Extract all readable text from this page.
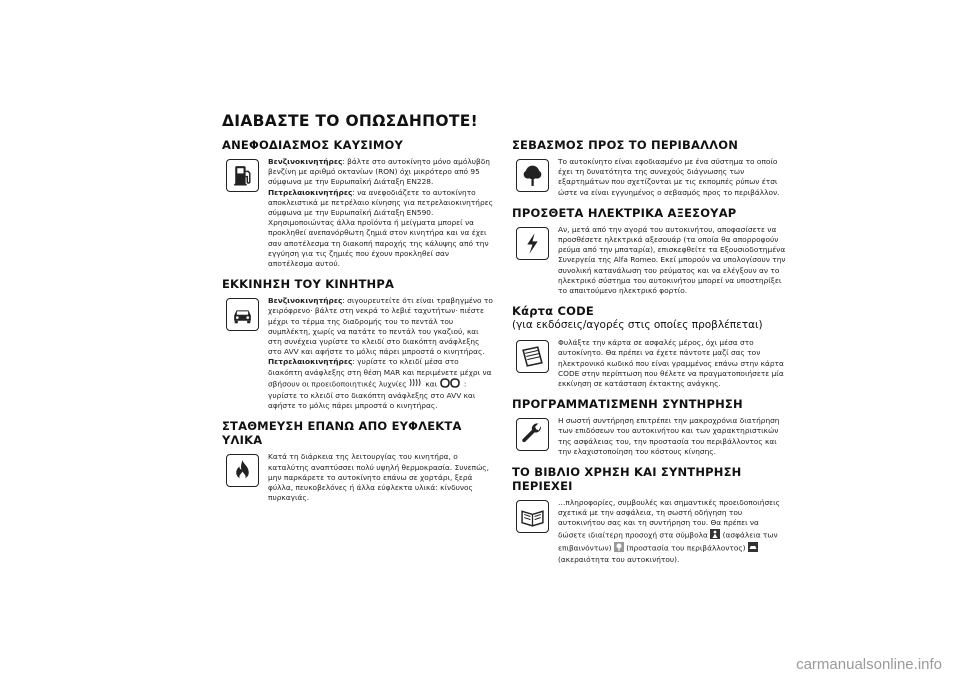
ΔΙΑΒΑΣΤΕ ΤΟ ΟΠΩΣΔΗΠΟΤΕ!
ΑΝΕΦΟΔΙΑΣΜΟΣ ΚΑΥΣΙΜΟΥ

Βενζινοκινητήρες: βάλτε στο αυτοκίνητο μόνο αμόλυβδη βενζίνη με αριθμό οκτανίων (RON) όχι μικρότερο από 95 σύμφωνα με την Ευρωπαϊκή Διάταξη EN228.

Πετρελαιοκινητήρες: να ανεφοδιάζετε το αυτοκίνητο αποκλειστικά με πετρέλαιο κίνησης για πετρελαιοκινητήρες σύμφωνα με την Ευρωπαϊκή Διάταξη EN590. Χρησιμοποιώντας άλλα προϊόντα ή μείγματα μπορεί να προκληθεί ανεπανόρθωτη ζημιά στον κινητήρα και να έχει σαν αποτέλεσμα τη διακοπή παροχής της κάλυψης από την εγγύηση για τις ζημιές που έχουν προκληθεί σαν αποτέλεσμα αυτού.

ΕΚΚΙΝΗΣΗ ΤΟΥ ΚΙΝΗΤΗΡΑ

Βενζινοκινητήρες: σιγουρευτείτε ότι είναι τραβηγμένο το χειρόφρενο· βάλτε στη νεκρά το λεβιέ ταχυτήτων· πιέστε μέχρι το τέρμα της διαδρομής του το πεντάλ του συμπλέκτη, χωρίς να πατάτε το πεντάλ του γκαζιού, και στη συνέχεια γυρίστε το κλειδί στο διακόπτη ανάφλεξης στο AVV και αφήστε το μόλις πάρει μπροστά ο κινητήρας.

Πετρελαιοκινητήρες: γυρίστε το κλειδί μέσα στο διακόπτη ανάφλεξης στη θέση MAR και περιμένετε μέχρι να σβήσουν οι προειδοποιητικές λυχνίες	και	: γυρίστε το κλειδί στο διακόπτη ανάφλεξης στο AVV και αφήστε το μόλις πάρει μπροστά ο κινητήρας.

ΣΤΑΘΜΕΥΣΗ ΕΠΑΝΩ ΑΠΟ ΕΥΦΛΕΚΤΑ ΥΛΙΚΑ

Κατά τη διάρκεια της λειτουργίας του κινητήρα, ο καταλύτης αναπτύσσει πολύ υψηλή θερμοκρασία. Συνεπώς, μην παρκάρετε το αυτοκίνητο επάνω σε χορτάρι, ξερά φύλλα, πευκοβελόνες ή άλλα εύφλεκτα υλικά: κίνδυνος πυρκαγιάς.

ΣΕΒΑΣΜΟΣ ΠΡΟΣ ΤΟ ΠΕΡΙΒΑΛΛΟΝ

Το αυτοκίνητο είναι εφοδιασμένο με ένα σύστημα το οποίο έχει τη δυνατότητα της συνεχούς διάγνωσης των εξαρτημάτων που σχετίζονται με τις εκπομπές ρύπων έτσι ώστε να είναι εγγυημένος ο σεβασμός προς το περιβάλλον.

ΠΡΟΣΘΕΤΑ ΗΛΕΚΤΡΙΚΑ ΑΞΕΣΟΥΑΡ

Αν, μετά από την αγορά του αυτοκινήτου, αποφασίσετε να προσθέσετε ηλεκτρικά αξεσουάρ (τα οποία θα απορροφούν ρεύμα από την μπαταρία), επισκεφθείτε τα Εξουσιοδοτημένα Συνεργεία της Alfa Romeo. Εκεί μπορούν να υπολογίσουν την συνολική κατανάλωση του ρεύματος και να ελέγξουν αν το ηλεκτρικό σύστημα του αυτοκινήτου μπορεί να υποστηρίξει το απαιτούμενο ηλεκτρικό φορτίο.

Κάρτα CODE
(για εκδόσεις/αγορές στις οποίες προβλέπεται)

Φυλάξτε την κάρτα σε ασφαλές μέρος, όχι μέσα στο αυτοκίνητο. Θα πρέπει να έχετε πάντοτε μαζί σας τον ηλεκτρονικό κωδικό που είναι γραμμένος επάνω στην κάρτα CODE στην περίπτωση που θέλετε να πραγματοποιήσετε μία εκκίνηση σε κατάσταση έκτακτης ανάγκης.

ΠΡΟΓΡΑΜΜΑΤΙΣΜΕΝΗ ΣΥΝΤΗΡΗΣΗ

Η σωστή συντήρηση επιτρέπει την μακροχρόνια διατήρηση των επιδόσεων του αυτοκινήτου και των χαρακτηριστικών της ασφάλειας του, την προστασία του περιβάλλοντος και την ελαχιστοποίηση του κόστους κίνησης.

ΤΟ ΒΙΒΛΙΟ ΧΡΗΣΗ ΚΑΙ ΣΥΝΤΗΡΗΣΗ
ΠΕΡΙΕΧΕΙ

…πληροφορίες, συμβουλές και σημαντικές προειδοποιήσεις σχετικά με την ασφάλεια, τη σωστή οδήγηση του αυτοκινήτου σας και τη συντήρηση του. Θα πρέπει να δώσετε ιδιαίτερη προσοχή στα σύμβολα (ασφάλεια των επιβαινόντων) (προστασία του περιβάλλοντος)  (ακεραιότητα του αυτοκινήτου).

carmanualsonline.info
